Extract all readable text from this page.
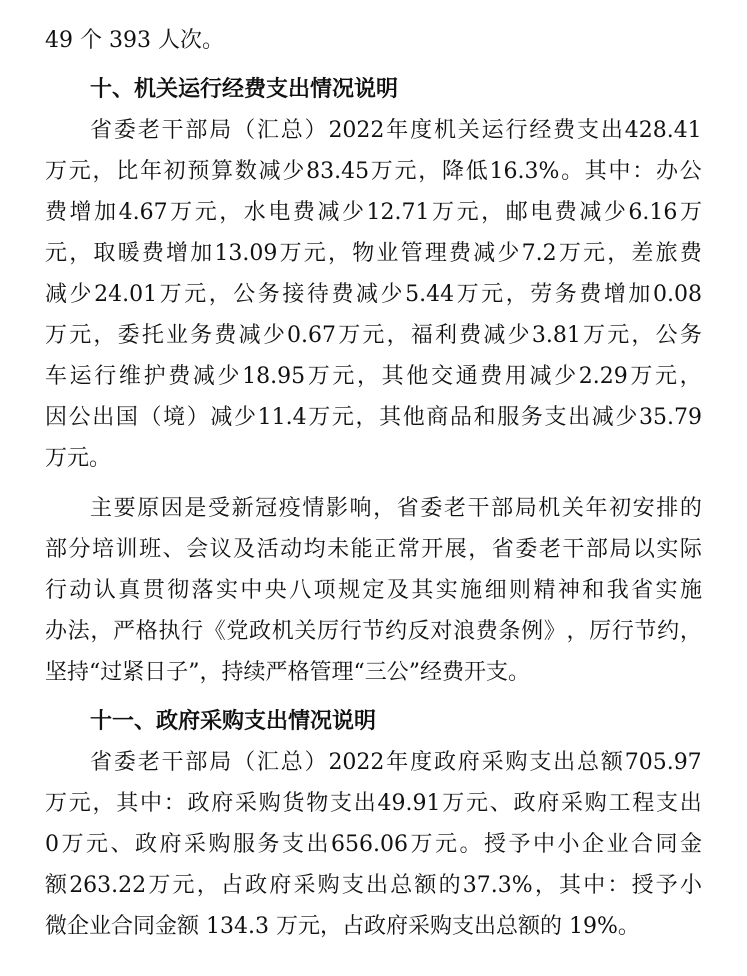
49 个 393 人次。
十、机关运行经费支出情况说明
省 委 老 干 部 局 （ 汇 总 ） 2022 年 度 机 关 运 行 经 费 支 出 428.41
万 元 ， 比 年 初 预 算 数 减 少 83.45 万 元 ， 降 低 16.3% 。 其 中 ： 办 公
费 增 加 4.67 万 元 ， 水 电 费 减 少 12.71 万 元 ， 邮 电 费 减 少 6.16 万
元 ， 取 暖 费 增 加 13.09 万 元 ， 物 业 管 理 费 减 少 7.2 万 元 ， 差 旅 费
减 少 24.01 万 元 ， 公 务 接 待 费 减 少 5.44 万 元 ， 劳 务 费 增 加 0.08
万 元 ， 委 托 业 务 费 减 少 0.67 万 元 ， 福 利 费 减 少 3.81 万 元 ， 公 务
车 运 行 维 护 费 减 少 18.95 万 元 ， 其 他 交 通 费 用 减 少 2.29 万 元 ，
因 公 出 国 （ 境 ） 减 少 11.4 万 元 ， 其 他 商 品 和 服 务 支 出 减 少 35.79
万元。
主 要 原 因 是 受 新 冠 疫 情 影 响 ， 省 委 老 干 部 局 机 关 年 初 安 排 的
部 分 培 训 班 、 会 议 及 活 动 均 未 能 正 常 开 展 ， 省 委 老 干 部 局 以 实 际
行 动 认 真 贯 彻 落 实 中 央 八 项 规 定 及 其 实 施 细 则 精 神 和 我 省 实 施
办 法 ， 严 格 执 行 《 党 政 机 关 厉 行 节 约 反 对 浪 费 条 例 》 ， 厉 行 节 约 ，
坚持“过紧日子”，持续严格管理“三公”经费开支。
十一、政府采购支出情况说明
省 委 老 干 部 局 （ 汇 总 ） 2022 年 度 政 府 采 购 支 出 总 额 705.97
万 元 ， 其 中 ： 政 府 采 购 货 物 支 出 49.91 万 元 、 政 府 采 购 工 程 支 出
0 万 元 、 政 府 采 购 服 务 支 出 656.06 万 元 。 授 予 中 小 企 业 合 同 金
额 263.22 万 元 ， 占 政 府 采 购 支 出 总 额 的 37.3% ， 其 中 ： 授 予 小
微企业合同金额 134.3 万元，占政府采购支出总额的 19%。
